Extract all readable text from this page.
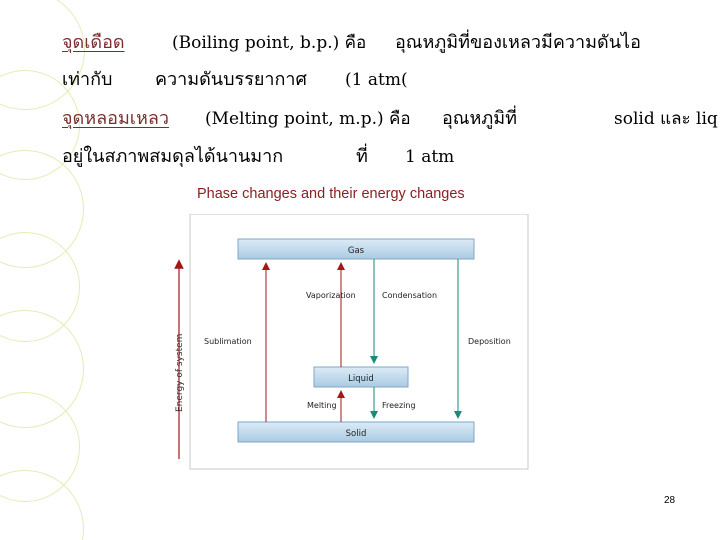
จุดเดือด	(Boiling point, b.p.) คือ อุณหภูมิที่ของเหลวมีความดันไอ
เท่ากับ ความดันบรรยากาศ (1 atm(
จุดหลอมเหลว (Melting point, m.p.) คือ อุณหภูมิที่	solid และ liq
อยู่ในสภาพสมดุลได้นานมาก	ที่ 1 atm
Phase changes and their energy changes
Energy of system
Gas
Liquid
Solid
Sublimation	Deposition
Vaporization	Condensation
Melting	Freezing
28
